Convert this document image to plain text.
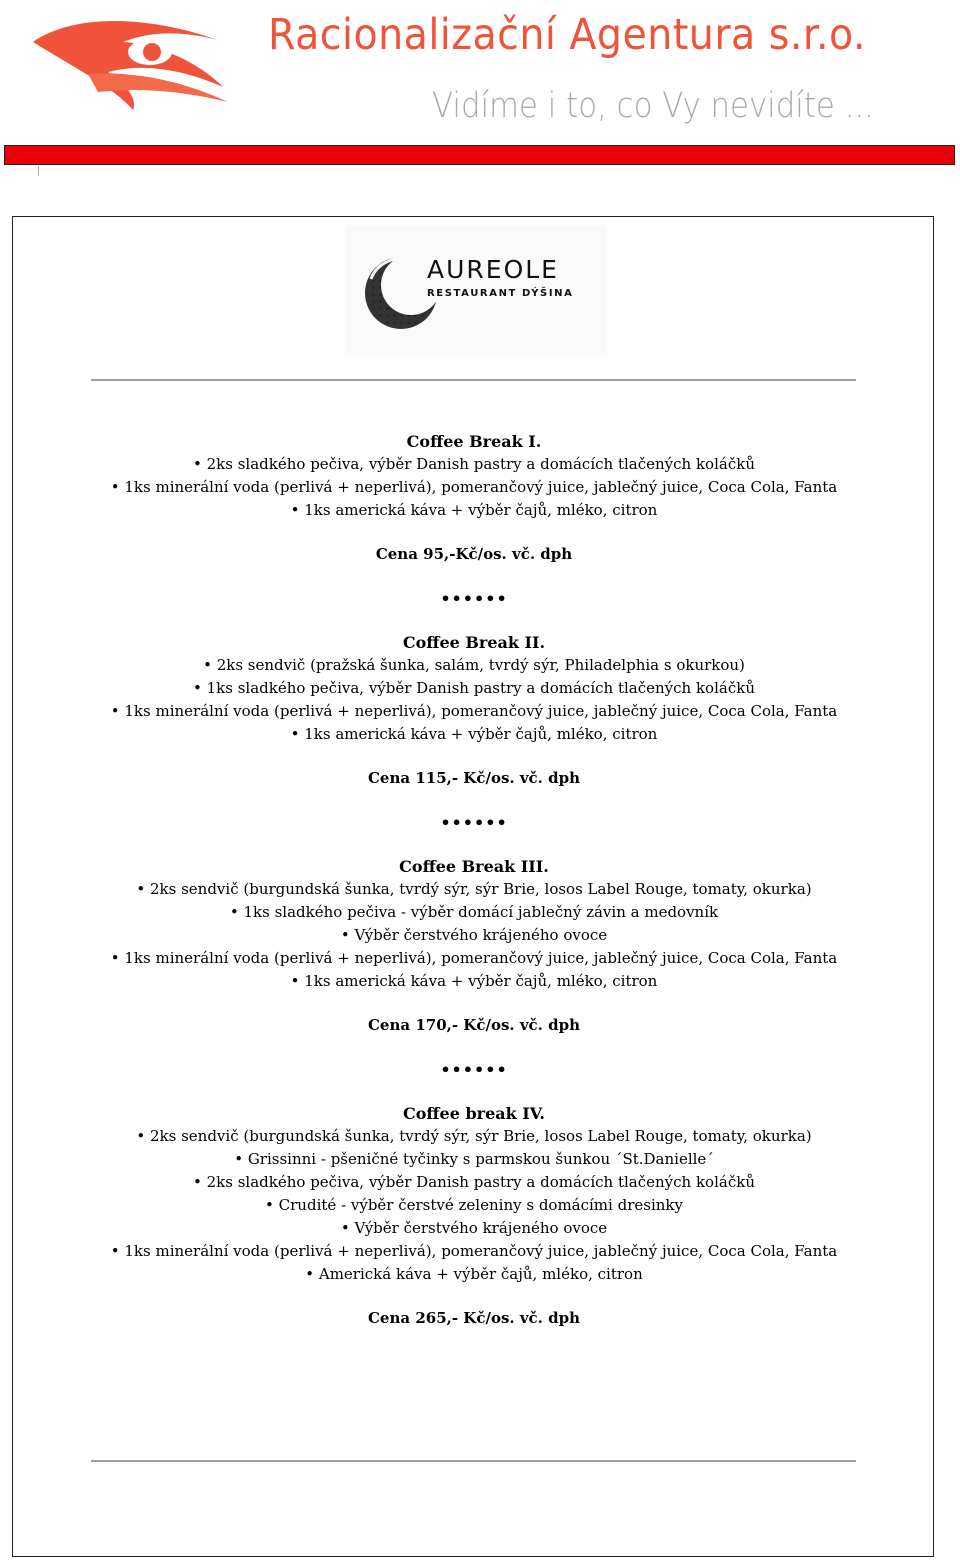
Racionalizační Agentura s.r.o.
Vidíme i to, co Vy nevidíte ...
AUREOLE
RESTAURANT DÝŠINA
Coffee Break I.
• 2ks sladkého pečiva, výběr Danish pastry a domácích tlačených koláčků
• 1ks minerální voda (perlivá + neperlivá), pomerančový juice, jablečný juice, Coca Cola, Fanta
• 1ks americká káva + výběr čajů, mléko, citron
Cena 95,-Kč/os. vč. dph
••••••
Coffee Break II.
• 2ks sendvič (pražská šunka, salám, tvrdý sýr, Philadelphia s okurkou)
• 1ks sladkého pečiva, výběr Danish pastry a domácích tlačených koláčků
• 1ks minerální voda (perlivá + neperlivá), pomerančový juice, jablečný juice, Coca Cola, Fanta
• 1ks americká káva + výběr čajů, mléko, citron
Cena 115,- Kč/os. vč. dph
••••••
Coffee Break III.
• 2ks sendvič (burgundská šunka, tvrdý sýr, sýr Brie, losos Label Rouge, tomaty, okurka)
• 1ks sladkého pečiva - výběr domácí jablečný závin a medovník
• Výběr čerstvého krájeného ovoce
• 1ks minerální voda (perlivá + neperlivá), pomerančový juice, jablečný juice, Coca Cola, Fanta
• 1ks americká káva + výběr čajů, mléko, citron
Cena 170,- Kč/os. vč. dph
••••••
Coffee break IV.
• 2ks sendvič (burgundská šunka, tvrdý sýr, sýr Brie, losos Label Rouge, tomaty, okurka)
• Grissinni - pšeničné tyčinky s parmskou šunkou ´St.Danielle´
• 2ks sladkého pečiva, výběr Danish pastry a domácích tlačených koláčků
• Crudité - výběr čerstvé zeleniny s domácími dresinky
• Výběr čerstvého krájeného ovoce
• 1ks minerální voda (perlivá + neperlivá), pomerančový juice, jablečný juice, Coca Cola, Fanta
• Americká káva + výběr čajů, mléko, citron
Cena 265,- Kč/os. vč. dph
